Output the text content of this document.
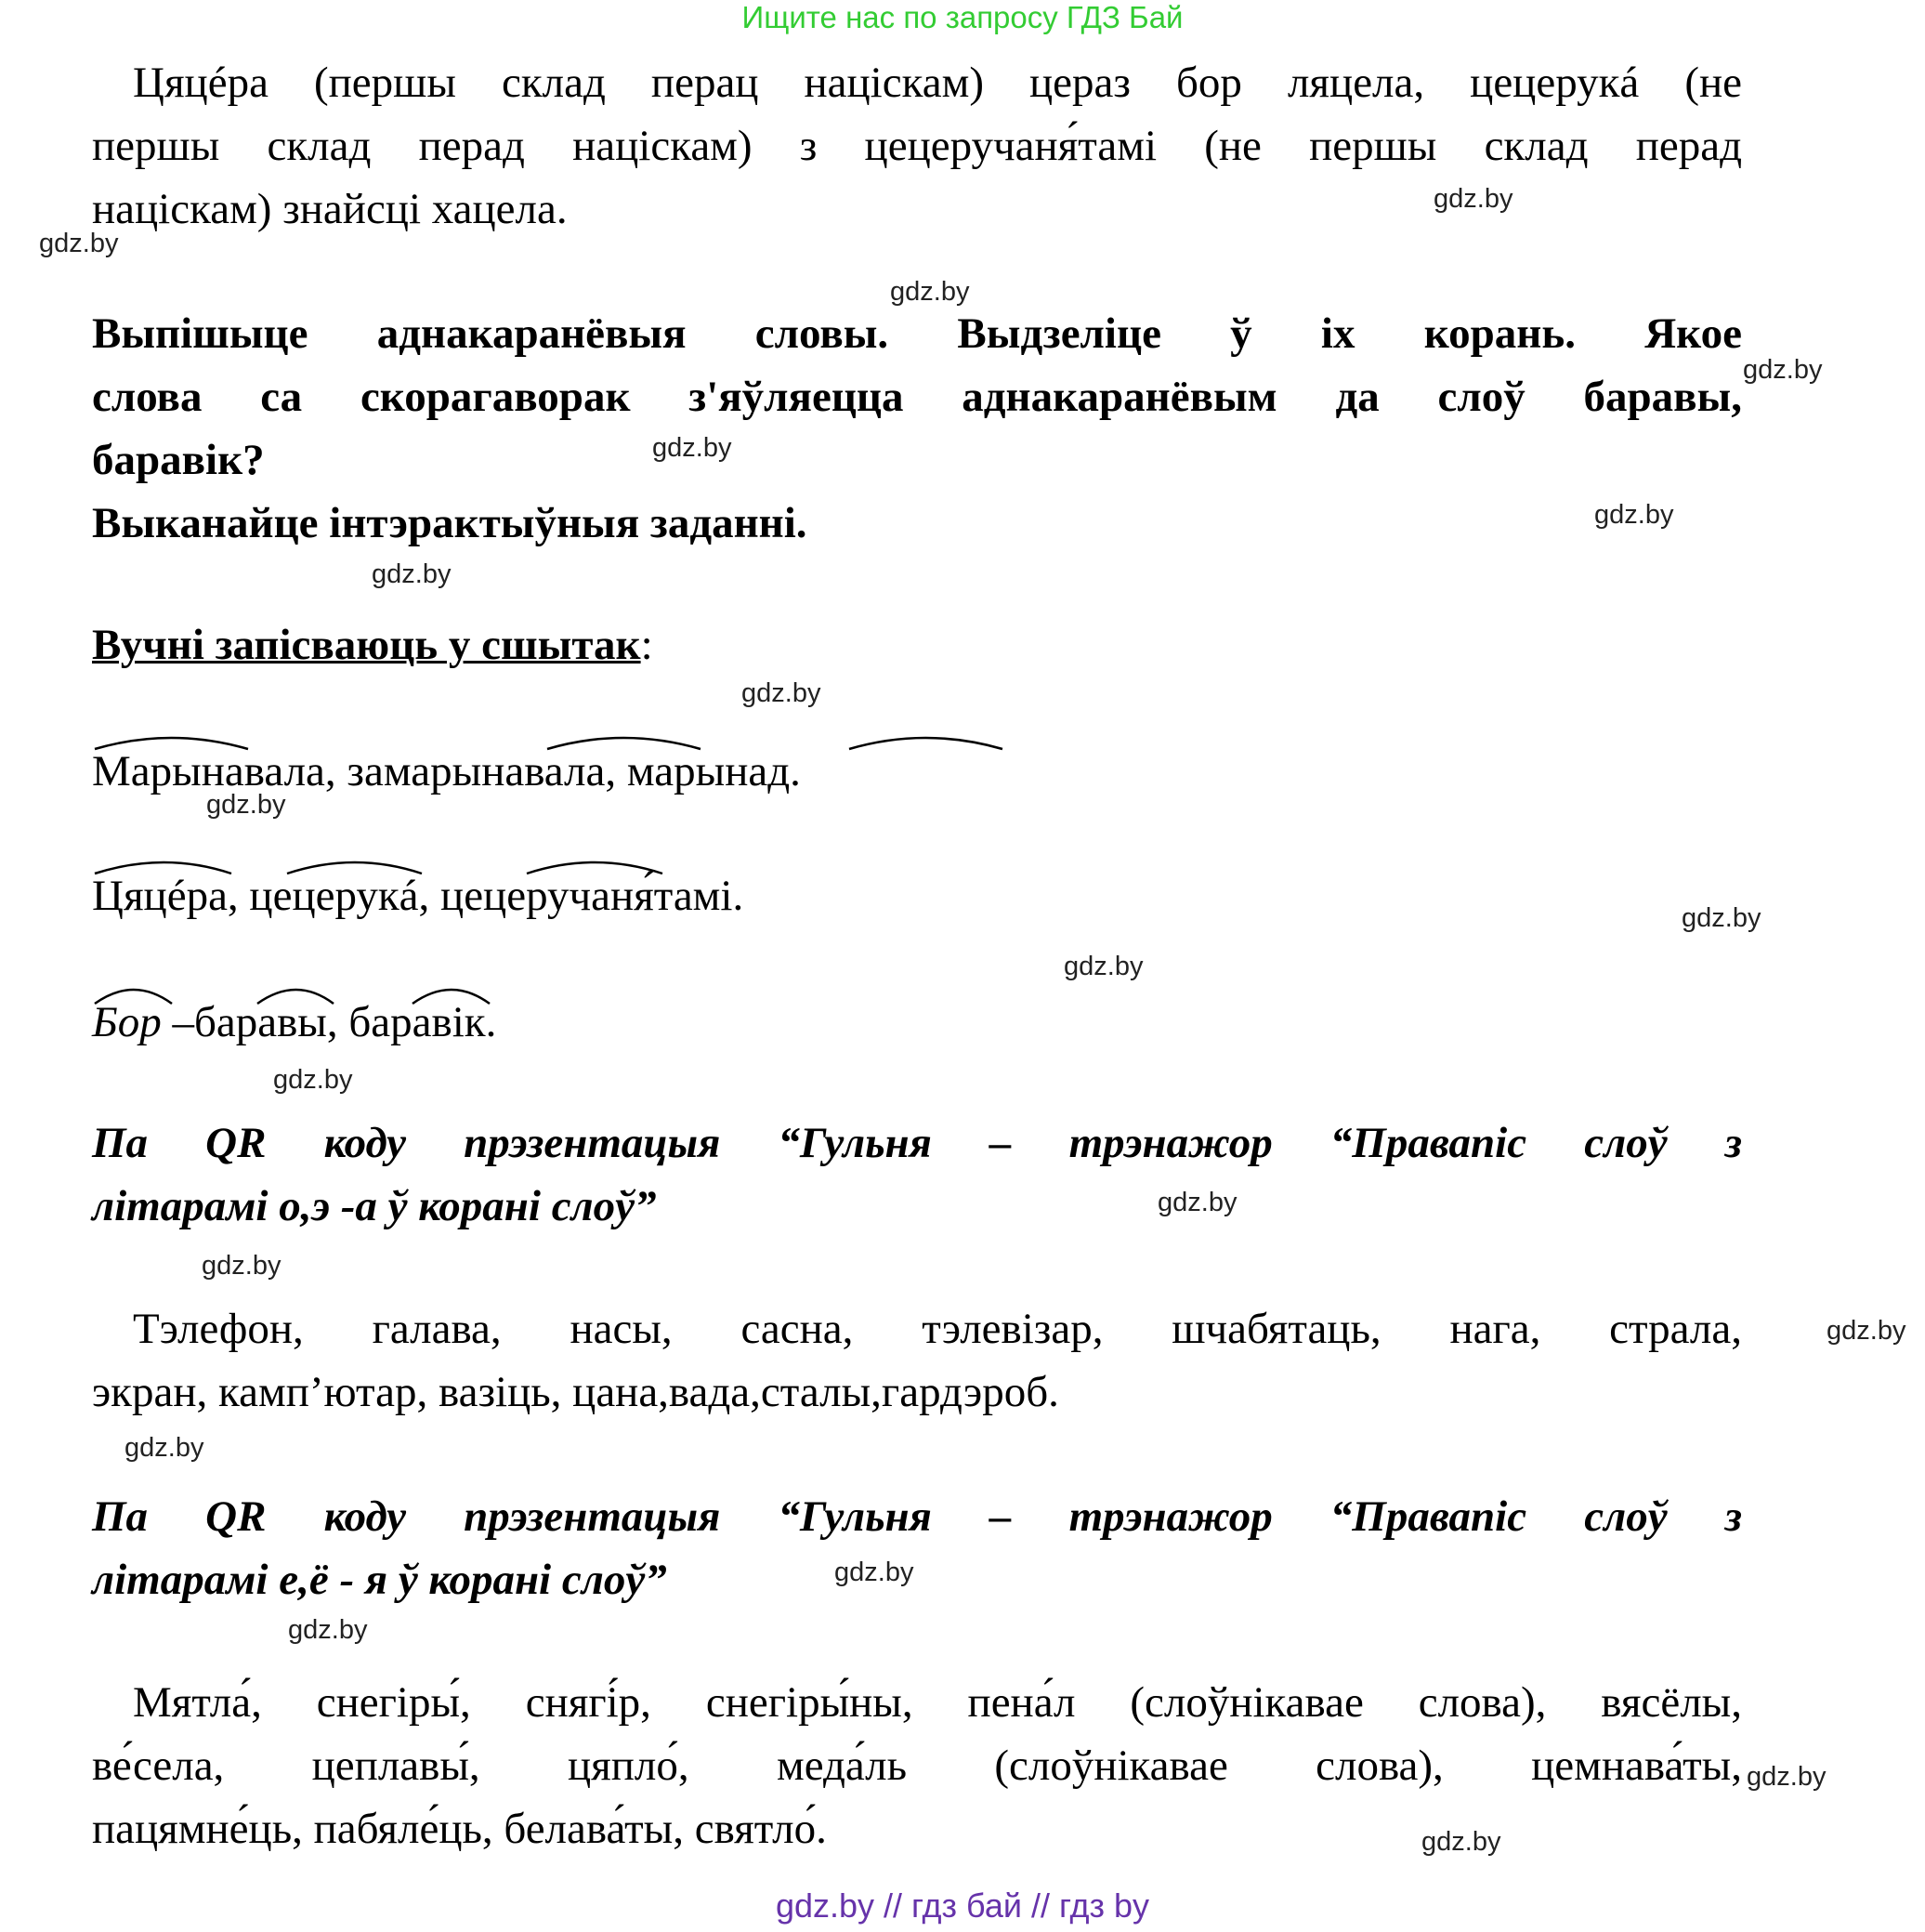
Ищите нас по запросу ГДЗ Бай
Цяцéра (першы склад перац націскам) цераз бор ляцела, цецерукá (не
першы склад перад націскам) з цецеручаня́тамі (не першы склад перад
націскам) знайсці хацела.
Выпішыце аднакаранёвыя словы. Выдзеліце ў іх корань. Якое
слова са скорагаворак з'яўляецца аднакаранёвым да слоў баравы,
баравік?
Выканайце інтэрактыўныя заданні.
Вучні запісваюць у сшытак:
Марынавала, замарынавала, марынад.
Цяцéра, цецерукá, цецеручаня́тамі.
Бор –баравы, баравік.
Па QR коду прэзентацыя “Гульня – трэнажор “Правапіс слоў з
літарамі о,э -а ў корані слоў”
Тэлефон, галава, насы, сасна, тэлевізар, шчабятаць, нага, страла,
экран, камп’ютар, вазіць, цана,вада,сталы,гардэроб.
Па QR коду прэзентацыя “Гульня – трэнажор “Правапіс слоў з
літарамі е,ё - я ў корані слоў”
Мятла́, снегіры́, снягі́р, снегіры́ны, пена́л (слоўнікавае слова), вясёлы,
ве́села, цеплавы́, цяпло́, меда́ль (слоўнікавае слова), цемнава́ты,
пацямне́ць, пабяле́ць, белава́ты, святло́.
gdz.by
gdz.by
gdz.by
gdz.by
gdz.by
gdz.by
gdz.by
gdz.by
gdz.by
gdz.by
gdz.by
gdz.by
gdz.by
gdz.by
gdz.by
gdz.by
gdz.by
gdz.by
gdz.by
gdz.by
gdz.by // гдз бай // гдз by
